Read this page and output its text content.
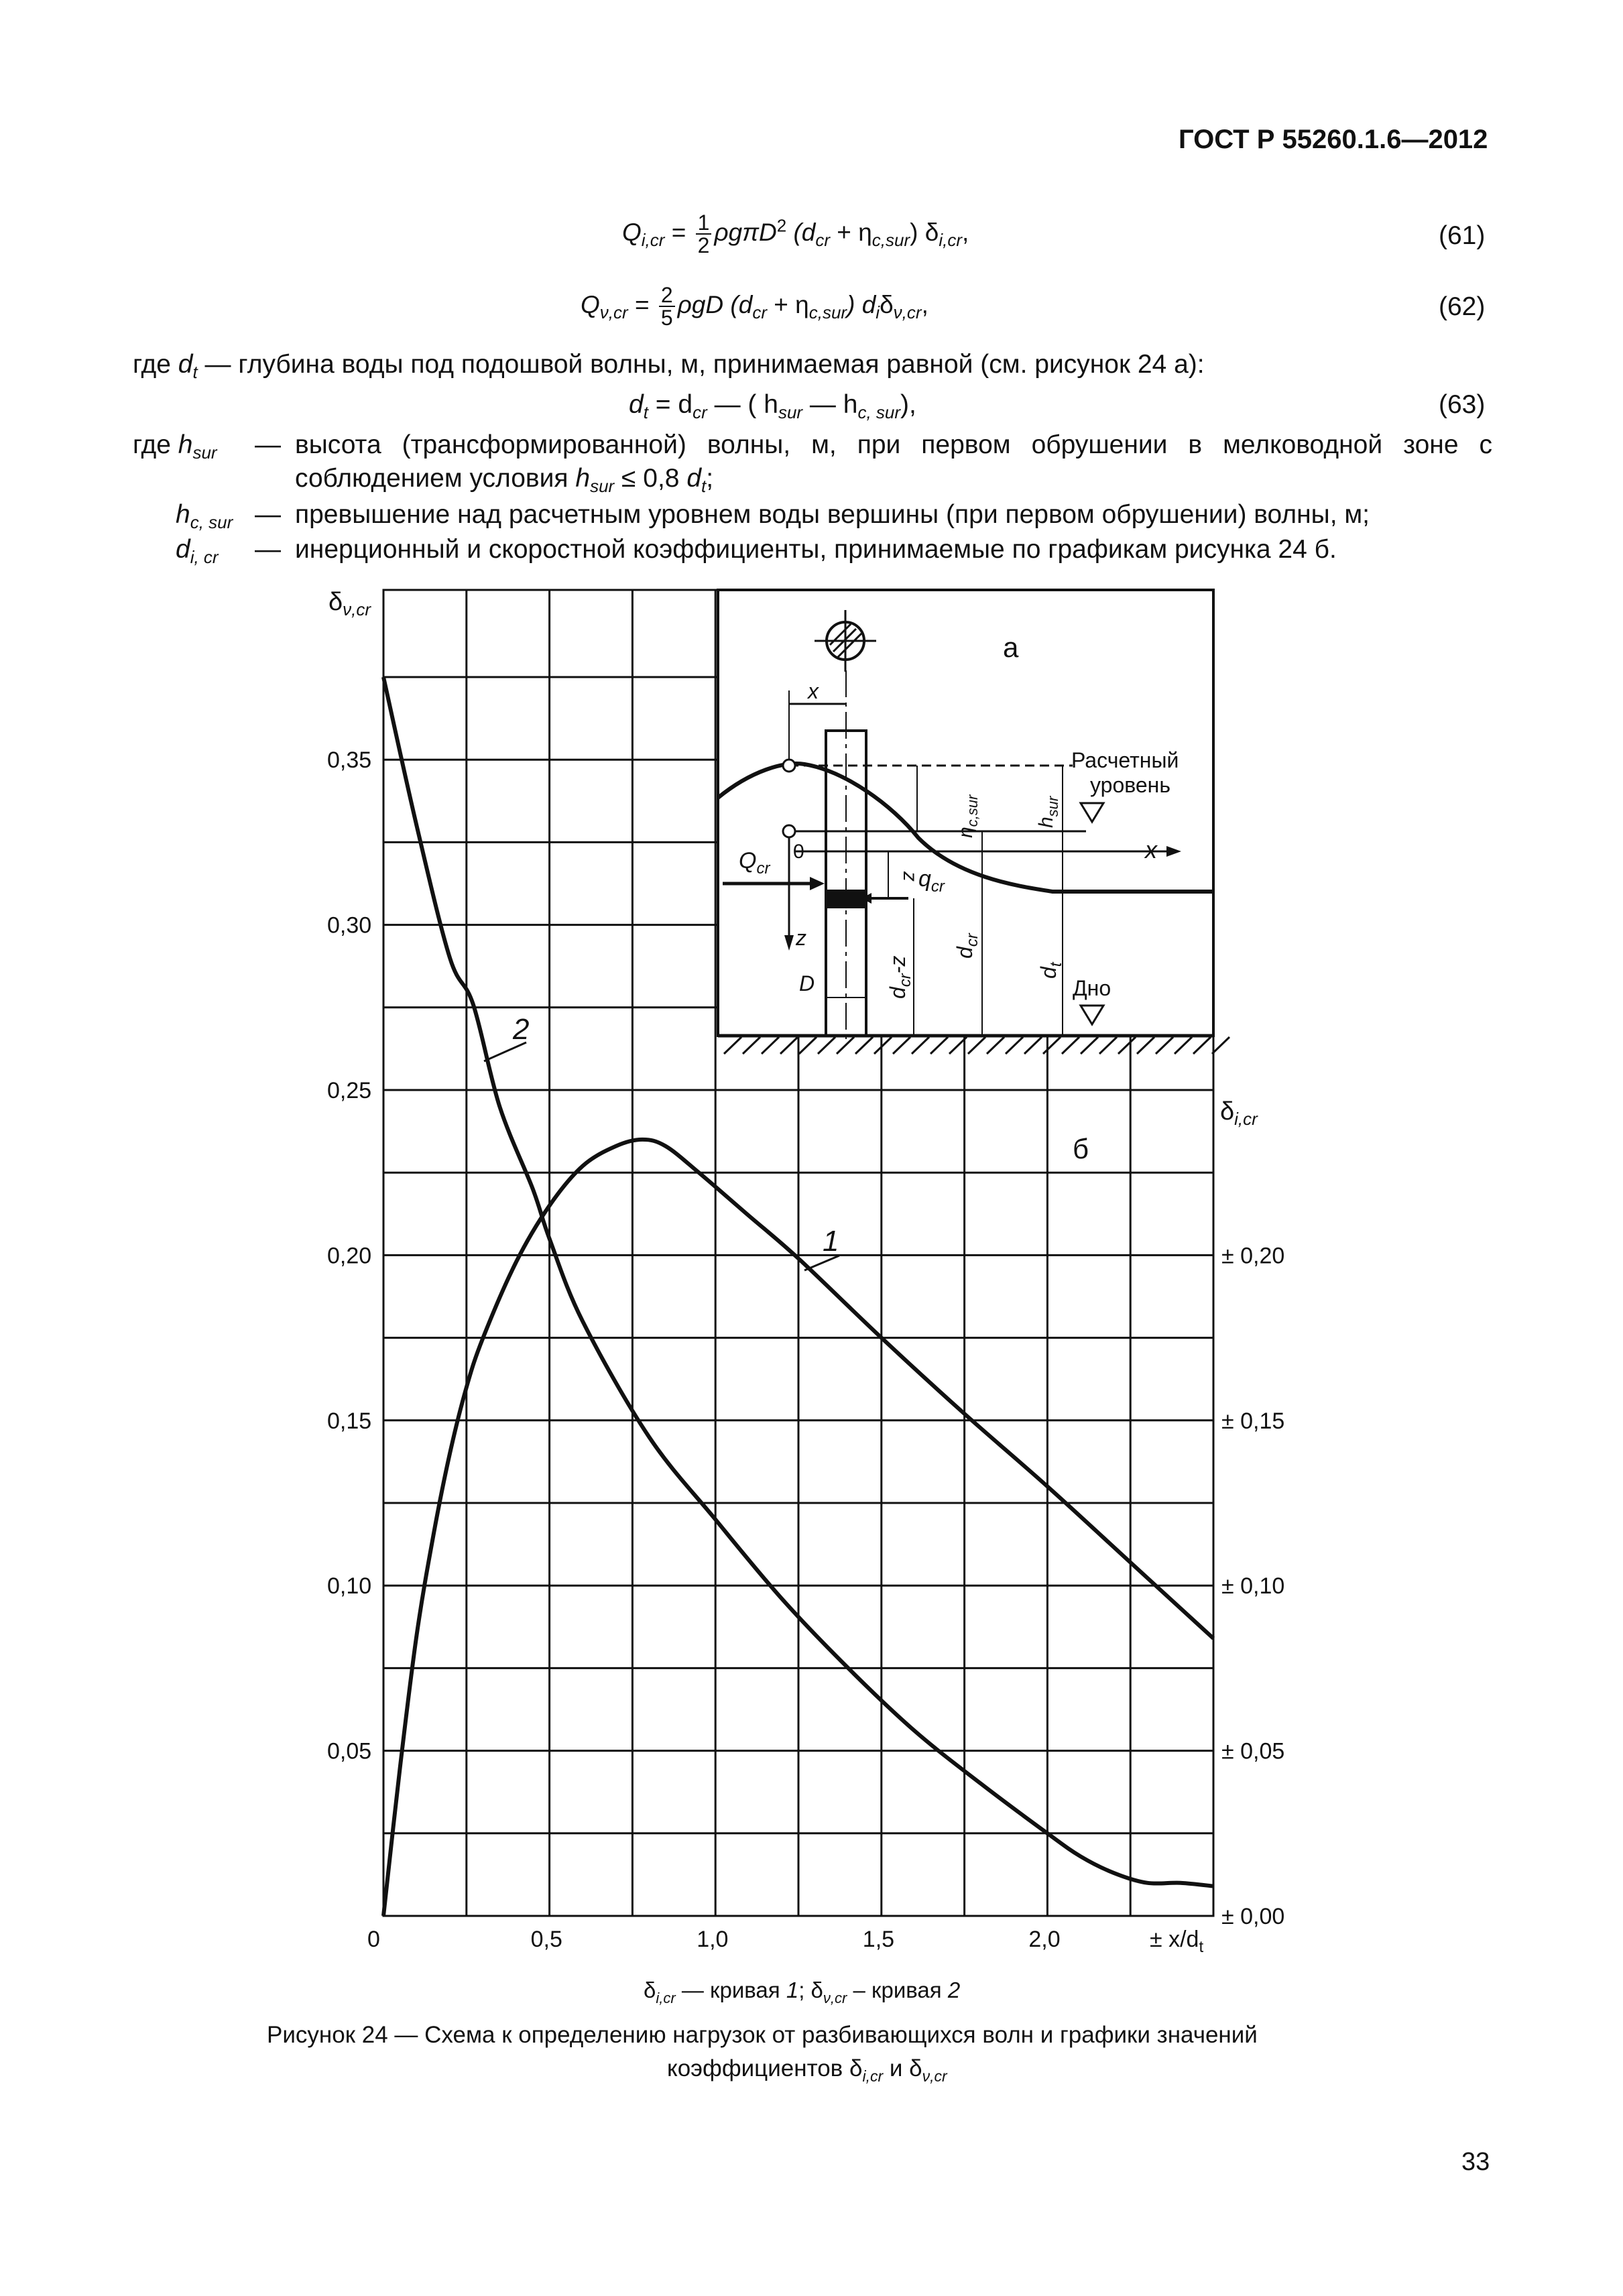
ГОСТ Р 55260.1.6—2012
$Q_{i,cr} = \frac{1}{2} \rho g\pi D^2$ $(d_{cr} + \eta_{c,sur})$ $\delta_{i,cr}$,	(61)
$Q_{\nu,cr} = \frac{2}{5}$ ρgD $(d_{cr} + \eta_{c,sur})$ $d_i\delta_{\nu,cr}$,	(62)
где $d_t$ — глубина воды под подошвой волны, м, принимаемая равной (см. рисунок 24 а):
$d_t = d_{cr}$ — ( $h_{sur}$ — $h_{c, sur}$),	(63)
где $h_{sur}$ — высота (трансформированной) волны, м, при первом обрушении в мелководной зоне с
соблюдением условия $h_{sur} \le 0,8$ $d_t$;
$h_{c, sur}$ — превышение над расчетным уровнем воды вершины (при первом обрушении) волны, м;
$d_{i, cr}$ — инерционный и скоростной коэффициенты, принимаемые по графикам рисунка 24 б.
а
x
x
0
z
$Q_{cr}$	$q_{cr}$
z
$d_{cr}-z$
$d_{cr}$
$d_t$
$\eta_{c,sur}$	$h_{sur}$
Расчетный
уровень
D	Дно
б
2
1
$\delta_{\nu,cr}$
$\delta_{i,cr}$
± $x/d_t$
0,05
0,10
0,15
0,20
0,25
0,30
0,35
± 0,00
± 0,05
± 0,10
± 0,15
± 0,20
0	0,5	1,0	1,5	2,0
$\delta_{i,cr}$ — кривая 1; $\delta_{\nu,cr}$ – кривая 2
Рисунок 24 — Схема к определению нагрузок от разбивающихся волн и графики значений
коэффициентов $\delta_{i,cr}$ и $\delta_{\nu,cr}$
33
